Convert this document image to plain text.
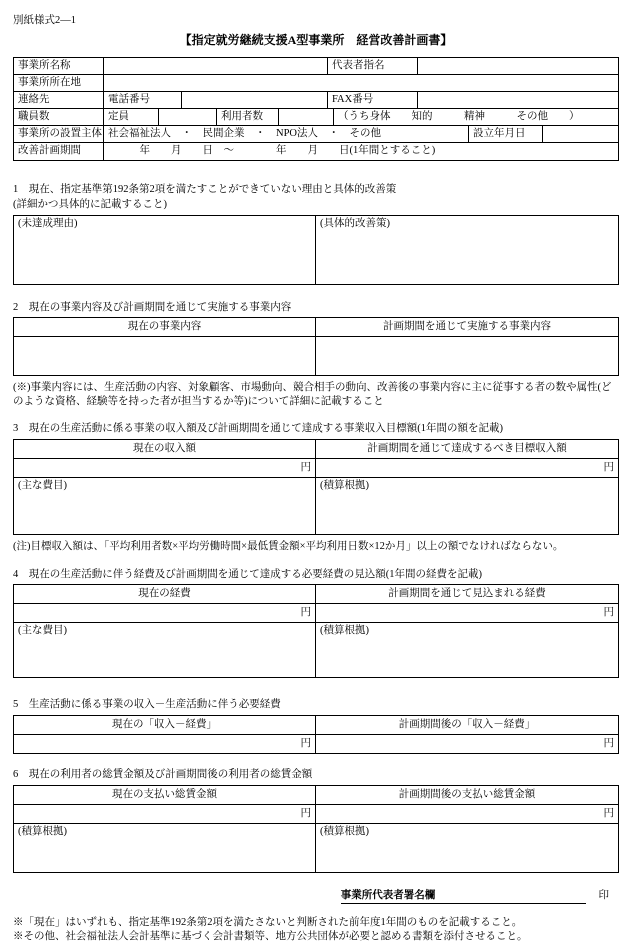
別紙様式2—1
【指定就労継続支援A型事業所　経営改善計画書】
事業所名称	代表者指名
事業所所在地
連絡先	電話番号	FAX番号
職員数	定員	利用者数	（うち身体　　知的　　　精神　　　その他　　）
事業所の設置主体 社会福祉法人　・　民間企業　・　NPO法人　・　その他	設立年月日
改善計画期間	　　　年　　月　　日　～　　　　年　　月　　日(1年間とすること)
1　現在、指定基準第192条第2項を満たすことができていない理由と具体的改善策
(詳細かつ具体的に記載すること)
(未達成理由)	(具体的改善策)
2　現在の事業内容及び計画期間を通じて実施する事業内容
現在の事業内容	計画期間を通じて実施する事業内容
(※)事業内容には、生産活動の内容、対象顧客、市場動向、競合相手の動向、改善後の事業内容に主に従事する者の数や属性(どのような資格、経験等を持った者が担当するか等)について詳細に記載すること
3　現在の生産活動に係る事業の収入額及び計画期間を通じて達成する事業収入目標額(1年間の額を記載)
現在の収入額	計画期間を通じて達成するべき目標収入額
円	円
(主な費目)	(積算根拠)
(注)目標収入額は、「平均利用者数×平均労働時間×最低賃金額×平均利用日数×12か月」以上の額でなければならない。
4　現在の生産活動に伴う経費及び計画期間を通じて達成する必要経費の見込額(1年間の経費を記載)
現在の経費	計画期間を通じて見込まれる経費
円	円
(主な費目)	(積算根拠)
5　生産活動に係る事業の収入－生産活動に伴う必要経費
現在の「収入－経費」	計画期間後の「収入－経費」
円	円
6　現在の利用者の総賃金額及び計画期間後の利用者の総賃金額
現在の支払い総賃金額	計画期間後の支払い総賃金額
円	円
(積算根拠)	(積算根拠)
事業所代表者署名欄	印
※「現在」はいずれも、指定基準192条第2項を満たさないと判断された前年度1年間のものを記載すること。
※その他、社会福祉法人会計基準に基づく会計書類等、地方公共団体が必要と認める書類を添付させること。
